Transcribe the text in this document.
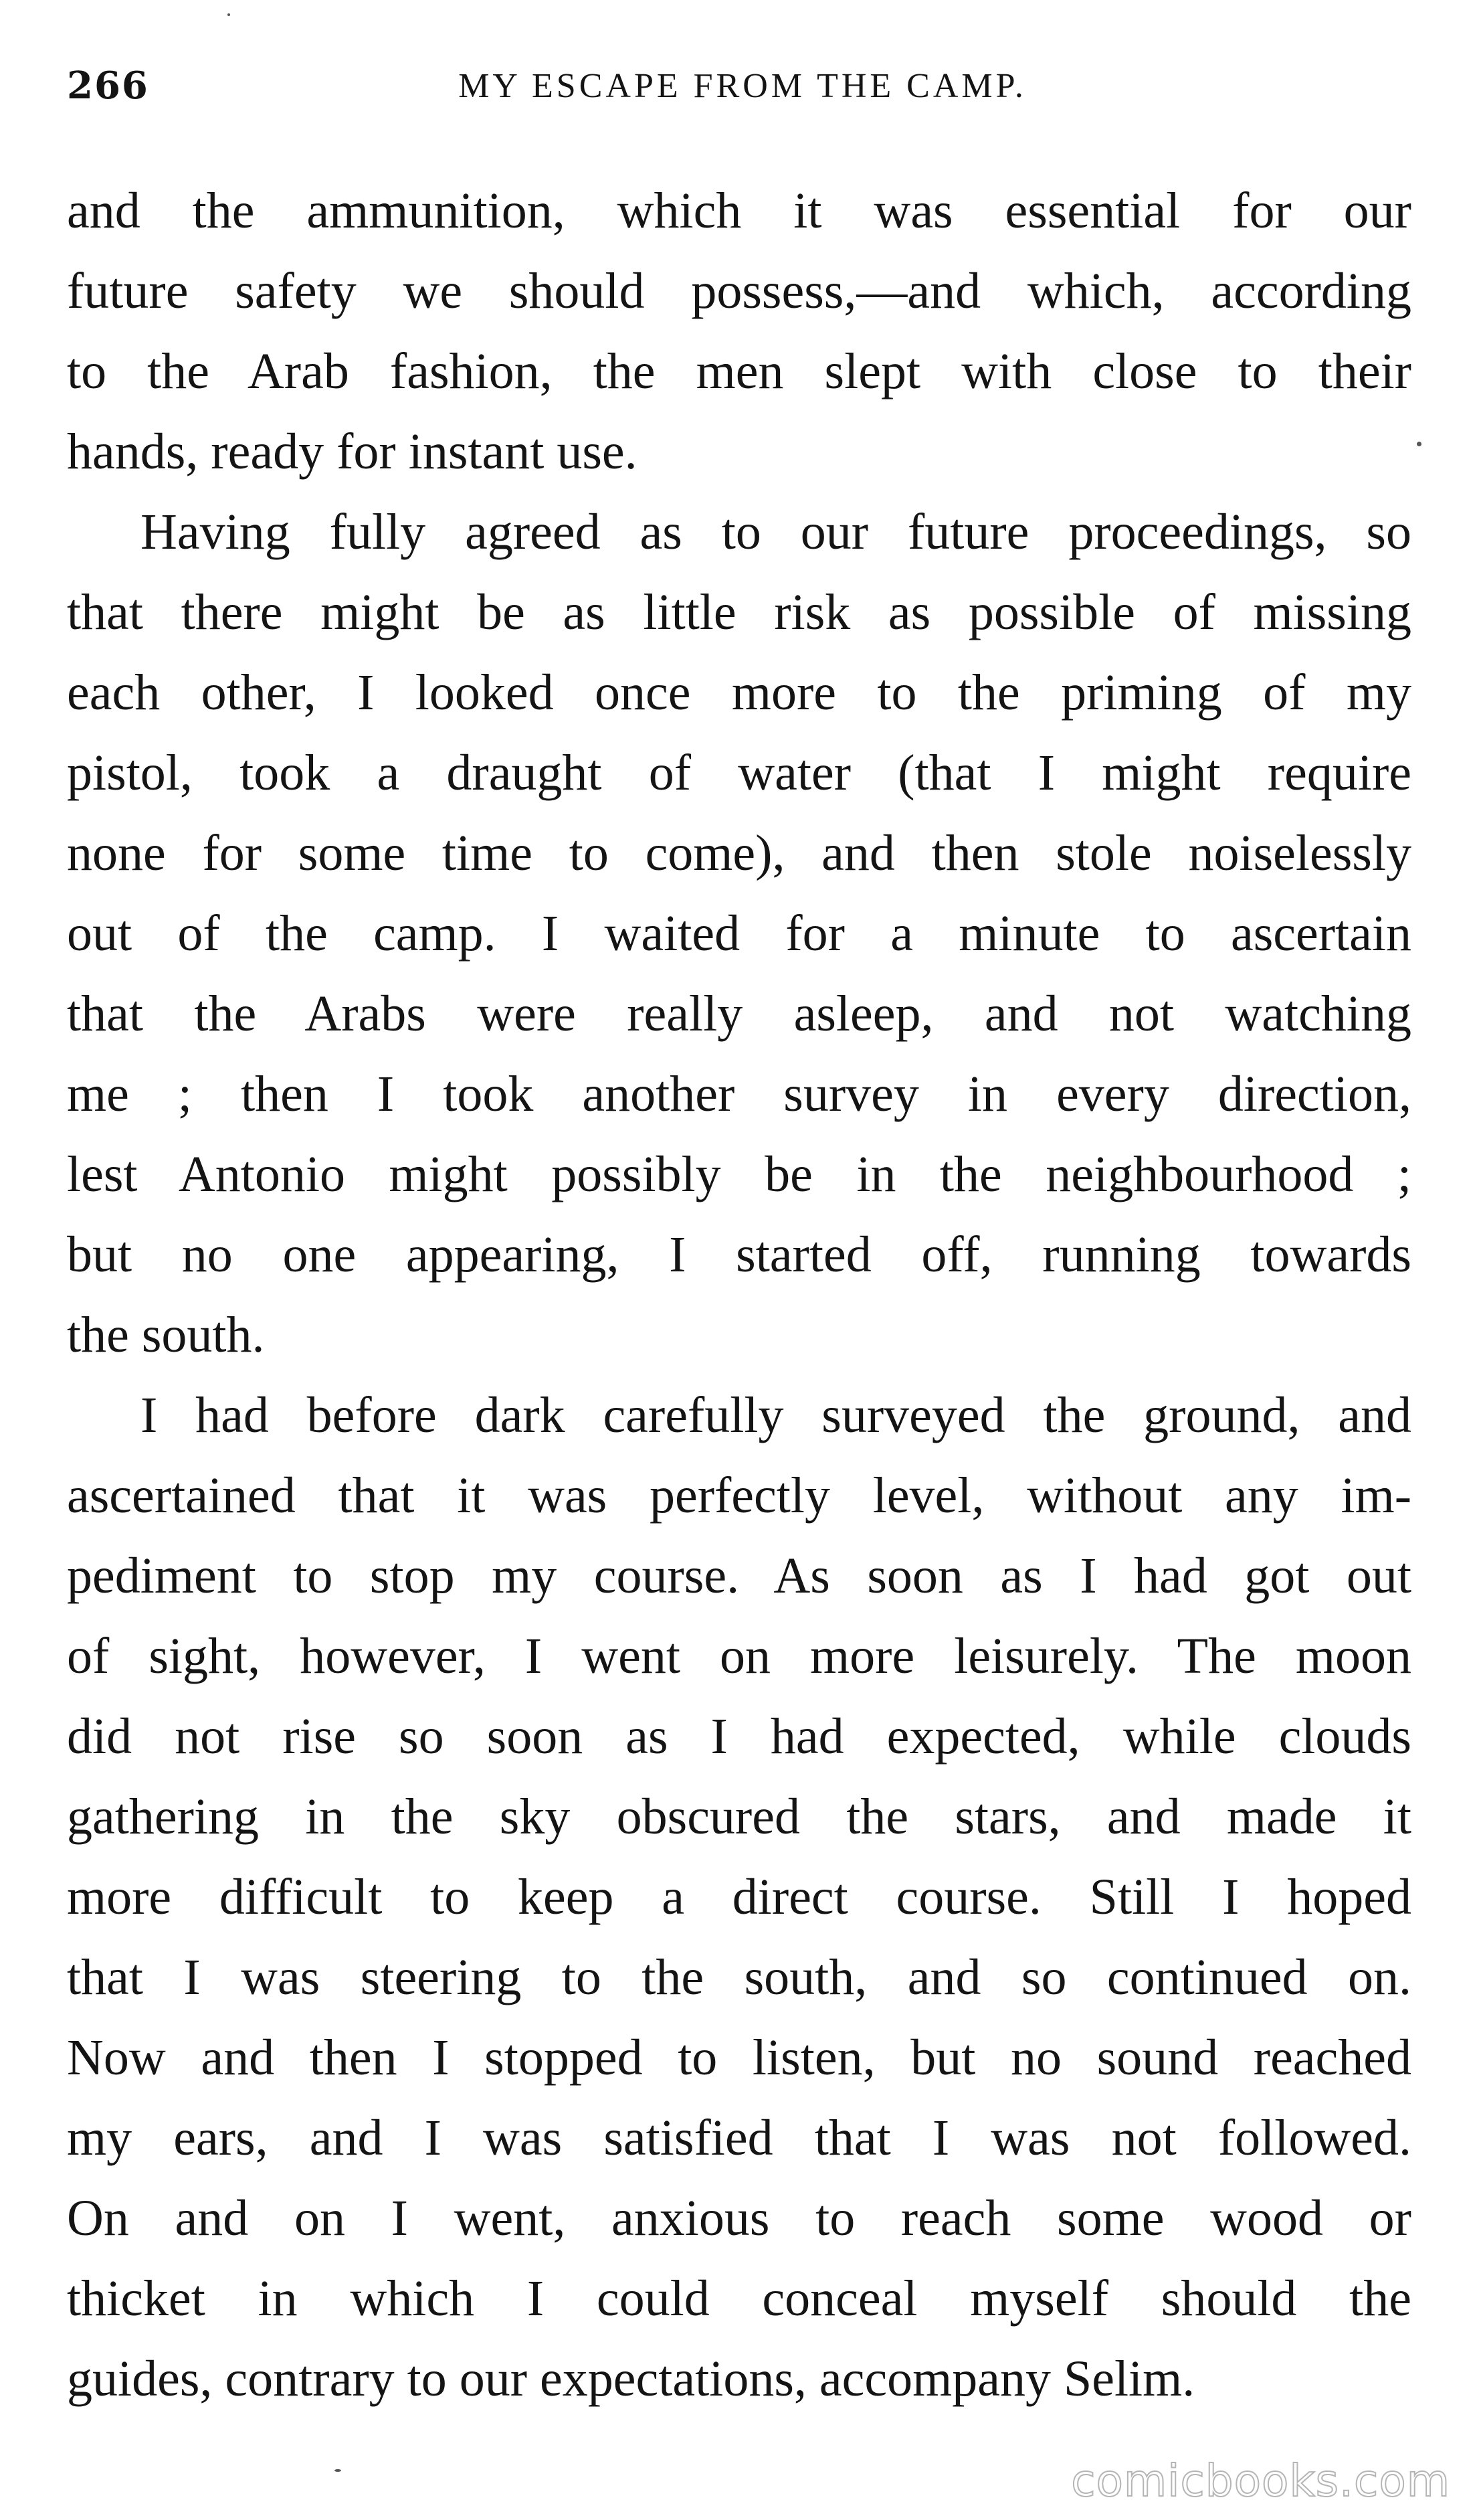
266	MY ESCAPE FROM THE CAMP.
and the ammunition, which it was essential for our
future safety we should possess,—and which, according
to the Arab fashion, the men slept with close to their
hands, ready for instant use.
Having fully agreed as to our future proceedings, so
that there might be as little risk as possible of missing
each other, I looked once more to the priming of my
pistol, took a draught of water (that I might require
none for some time to come), and then stole noiselessly
out of the camp. I waited for a minute to ascertain
that the Arabs were really asleep, and not watching
me ; then I took another survey in every direction,
lest Antonio might possibly be in the neighbourhood ;
but no one appearing, I started off, running towards
the south.
I had before dark carefully surveyed the ground, and
ascertained that it was perfectly level, without any im-
pediment to stop my course. As soon as I had got out
of sight, however, I went on more leisurely. The moon
did not rise so soon as I had expected, while clouds
gathering in the sky obscured the stars, and made it
more difficult to keep a direct course. Still I hoped
that I was steering to the south, and so continued on.
Now and then I stopped to listen, but no sound reached
my ears, and I was satisfied that I was not followed.
On and on I went, anxious to reach some wood or
thicket in which I could conceal myself should the
guides, contrary to our expectations, accompany Selim.
comicbooks.com
